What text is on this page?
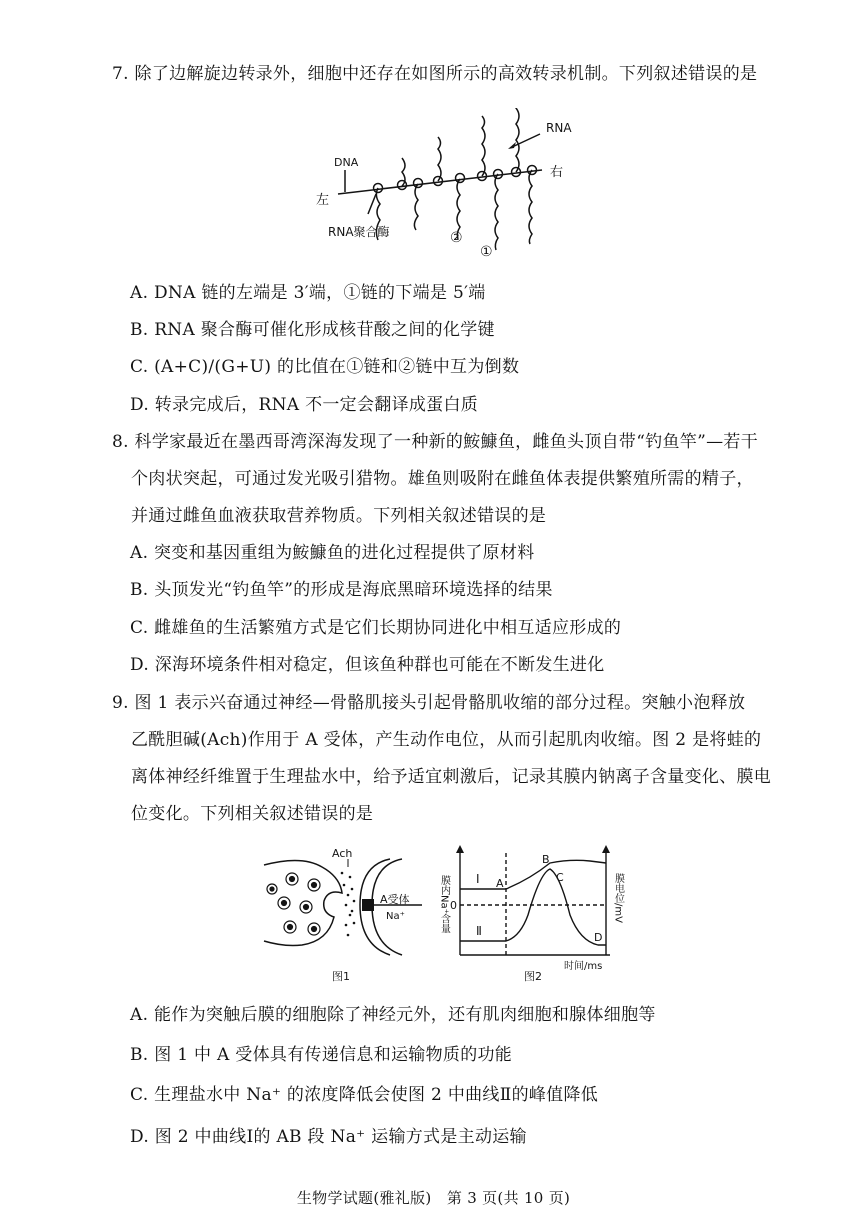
7. 除了边解旋边转录外，细胞中还存在如图所示的高效转录机制。下列叙述错误的是
RNA
DNA
左
右
RNA聚合酶	②
①
A. DNA 链的左端是 3′端，①链的下端是 5′端
B. RNA 聚合酶可催化形成核苷酸之间的化学键
C. (A+C)/(G+U) 的比值在①链和②链中互为倒数
D. 转录完成后，RNA 不一定会翻译成蛋白质
8. 科学家最近在墨西哥湾深海发现了一种新的鮟鱇鱼，雌鱼头顶自带“钓鱼竿”—若干
个肉状突起，可通过发光吸引猎物。雄鱼则吸附在雌鱼体表提供繁殖所需的精子，
并通过雌鱼血液获取营养物质。下列相关叙述错误的是
A. 突变和基因重组为鮟鱇鱼的进化过程提供了原材料
B. 头顶发光“钓鱼竿”的形成是海底黑暗环境选择的结果
C. 雌雄鱼的生活繁殖方式是它们长期协同进化中相互适应形成的
D. 深海环境条件相对稳定，但该鱼种群也可能在不断发生进化
9. 图 1 表示兴奋通过神经—骨骼肌接头引起骨骼肌收缩的部分过程。突触小泡释放
乙酰胆碱(Ach)作用于 A 受体，产生动作电位，从而引起肌肉收缩。图 2 是将蛙的
离体神经纤维置于生理盐水中，给予适宜刺激后，记录其膜内钠离子含量变化、膜电
位变化。下列相关叙述错误的是
Ach
A受体
Na⁺
图1
膜内Na⁺含量	膜电位/mV
0
Ⅰ
Ⅱ
A
B
C
D
时间/ms
图2
A. 能作为突触后膜的细胞除了神经元外，还有肌肉细胞和腺体细胞等
B. 图 1 中 A 受体具有传递信息和运输物质的功能
C. 生理盐水中 Na⁺ 的浓度降低会使图 2 中曲线Ⅱ的峰值降低
D. 图 2 中曲线Ⅰ的 AB 段 Na⁺ 运输方式是主动运输
生物学试题(雅礼版)　第 3 页(共 10 页)
